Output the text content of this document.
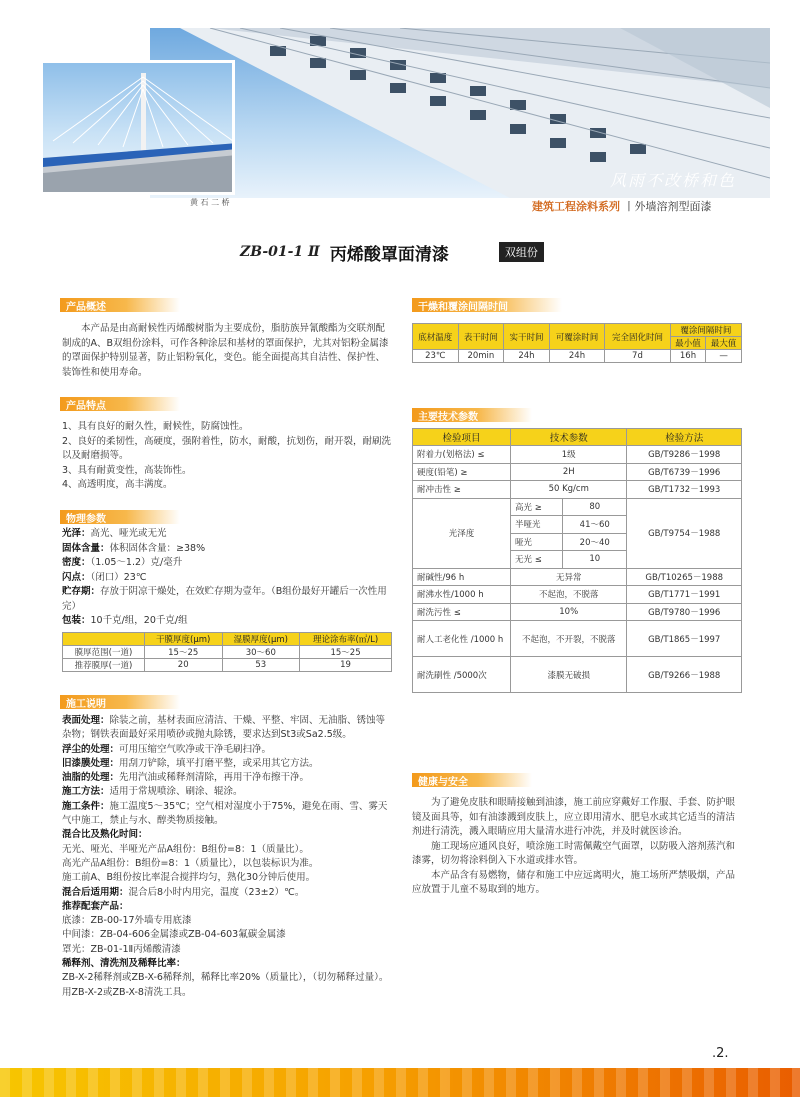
黄 石 二 桥
风雨不改桥和色
建筑工程涂料系列 丨外墙溶剂型面漆
ZB-01-1 Ⅱ 丙烯酸罩面清漆	双组份
产品概述

本产品是由高耐候性丙烯酸树脂为主要成份，脂肪族异氰酸酯为交联剂配制成的A、B双组份涂料，可作各种涂层和基材的罩面保护，尤其对铝粉金属漆的罩面保护特别显著，防止铝粉氧化，变色。能全面提高其自洁性、保护性、装饰性和使用寿命。

产品特点

1、具有良好的耐久性，耐候性，防腐蚀性。

2、良好的柔韧性，高硬度，强附着性，防水，耐酸，抗划伤，耐开裂，耐刷洗以及耐磨损等。

3、具有耐黄变性，高装饰性。

4、高透明度，高丰满度。

物理参数

光泽：高光、哑光或无光

固体含量：体积固体含量：≥38%

密度：（1.05～1.2）克/毫升

闪点：（闭口）23℃

贮存期：存放于阴凉干燥处，在效贮存期为壹年。（B组份最好开罐后一次性用完）

包装：10千克/组，20千克/组

	干膜厚度(μm)	湿膜厚度(μm)	理论涂布率(㎡/L)
膜厚范围(一道)	15～25	30～60	15～25
推荐膜厚(一道)	20	53	19
施工说明

表面处理：除装之前，基材表面应清洁、干燥、平整、牢固、无油脂、锈蚀等杂物；钢铁表面最好采用喷砂或抛丸除锈，要求达到St3或Sa2.5级。

浮尘的处理：可用压缩空气吹净或干净毛刷扫净。

旧漆膜处理：用刮刀铲除，填平打磨平整，或采用其它方法。

油脂的处理：先用汽油或稀释剂清除，再用干净布擦干净。

施工方法：适用于常规喷涂、刷涂、辊涂。

施工条件：施工温度5～35℃；空气相对湿度小于75%，避免在雨、雪、雾天气中施工，禁止与水、醇类物质接触。

混合比及熟化时间：

无光、哑光、半哑光产品A组份：B组份=8：1（质量比）。

高光产品A组份：B组份=8：1（质量比），以包装标识为准。

施工前A、B组份按比率混合搅拌均匀，熟化30分钟后使用。

混合后适用期：混合后8小时内用完，温度（23±2）℃。

推荐配套产品：

底漆：ZB-00-17外墙专用底漆

中间漆：ZB-04-606金属漆或ZB-04-603氟碳金属漆

罩光：ZB-01-1Ⅱ丙烯酸清漆

稀释剂、清洗剂及稀释比率：

ZB-X-2稀释剂或ZB-X-6稀释剂，稀释比率20%（质量比），（切勿稀释过量）。用ZB-X-2或ZB-X-8清洗工具。

干燥和覆涂间隔时间
底材温度	表干时间	实干时间	可覆涂时间	完全固化时间	覆涂间隔时间	
					最小值	最大值
23℃	20min	24h	24h	7d	16h	—
主要技术参数
检验项目	技术参数		检验方法
附着力(划格法) ≤	1级		GB/T9286－1998
硬度(铅笔) ≥	2H		GB/T6739－1996
耐冲击性 ≥	50 Kg/cm		GB/T1732－1993
光泽度	高光 ≥	80	GB/T9754－1988
	半哑光	41～60	
	哑光	20～40	
	无光 ≤	10	
耐碱性/96 h	无异常		GB/T10265－1988
耐沸水性/1000 h	不起泡，不脱落		GB/T1771－1991
耐洗污性 ≤	10%		GB/T9780－1996
耐人工老化性 /1000 h	不起泡，不开裂，不脱落		GB/T1865－1997
耐洗刷性 /5000次	漆膜无破损		GB/T9266－1988
健康与安全

为了避免皮肤和眼睛接触到油漆，施工前应穿戴好工作服、手套、防护眼镜及面具等，如有油漆溅到皮肤上，应立即用清水、肥皂水或其它适当的清洁剂进行清洗，溅入眼睛应用大量清水进行冲洗，并及时就医诊治。

施工现场应通风良好，喷涂施工时需佩戴空气面罩，以防吸入溶剂蒸汽和漆雾，切勿将涂料倒入下水道或排水管。

本产品含有易燃物，储存和施工中应远离明火，施工场所严禁吸烟，产品应放置于儿童不易取到的地方。

.2.
